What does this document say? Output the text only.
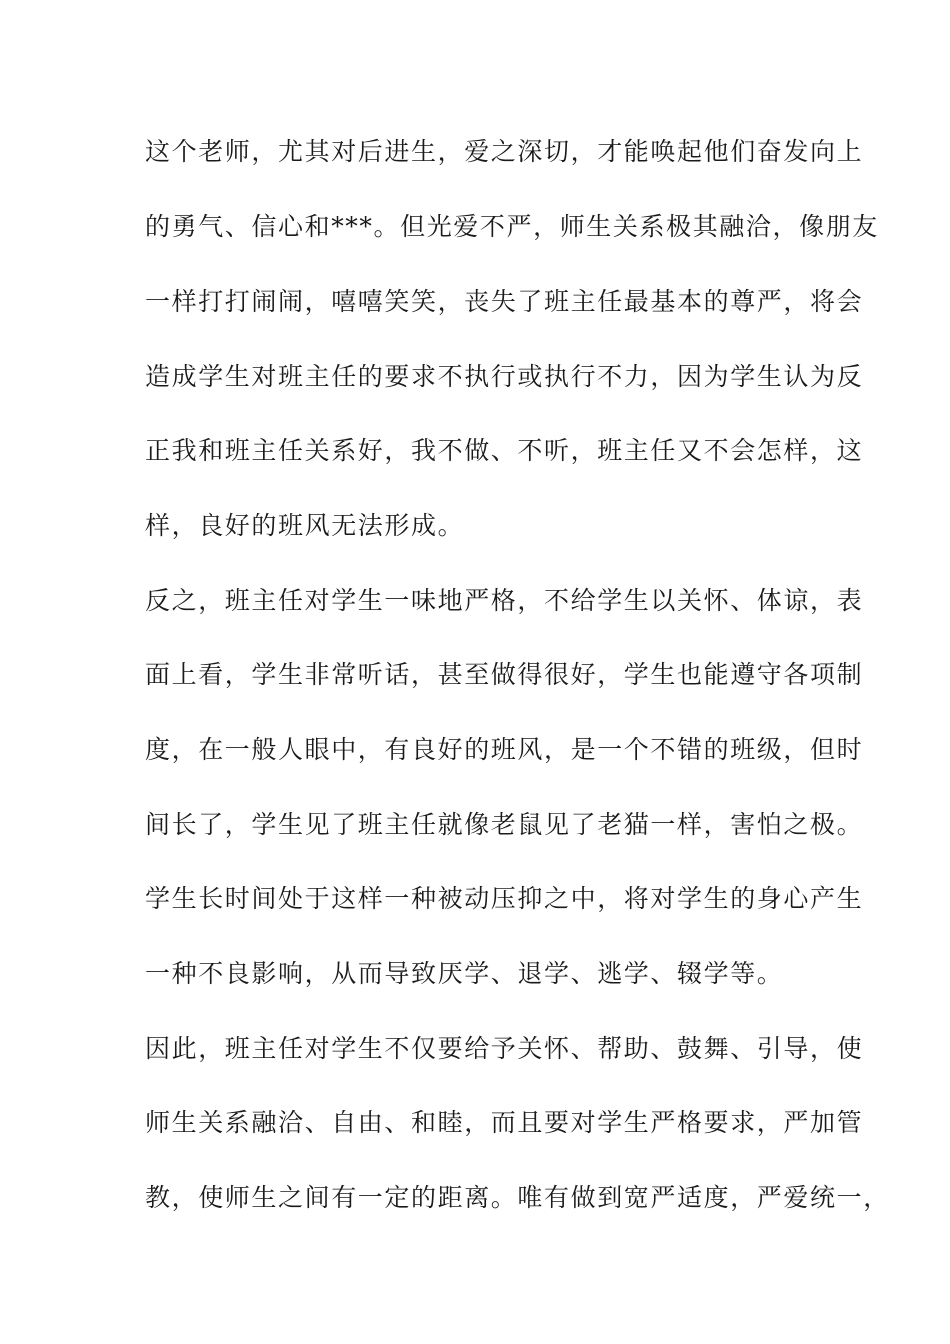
这个老师，尤其对后进生，爱之深切，才能唤起他们奋发向上
的勇气、信心和***。但光爱不严，师生关系极其融洽，像朋友
一样打打闹闹，嘻嘻笑笑，丧失了班主任最基本的尊严，将会
造成学生对班主任的要求不执行或执行不力，因为学生认为反
正我和班主任关系好，我不做、不听，班主任又不会怎样，这
样，良好的班风无法形成。
反之，班主任对学生一味地严格，不给学生以关怀、体谅，表
面上看，学生非常听话，甚至做得很好，学生也能遵守各项制
度，在一般人眼中，有良好的班风，是一个不错的班级，但时
间长了，学生见了班主任就像老鼠见了老猫一样，害怕之极。
学生长时间处于这样一种被动压抑之中，将对学生的身心产生
一种不良影响，从而导致厌学、退学、逃学、辍学等。
因此，班主任对学生不仅要给予关怀、帮助、鼓舞、引导，使
师生关系融洽、自由、和睦，而且要对学生严格要求，严加管
教，使师生之间有一定的距离。唯有做到宽严适度，严爱统一，
